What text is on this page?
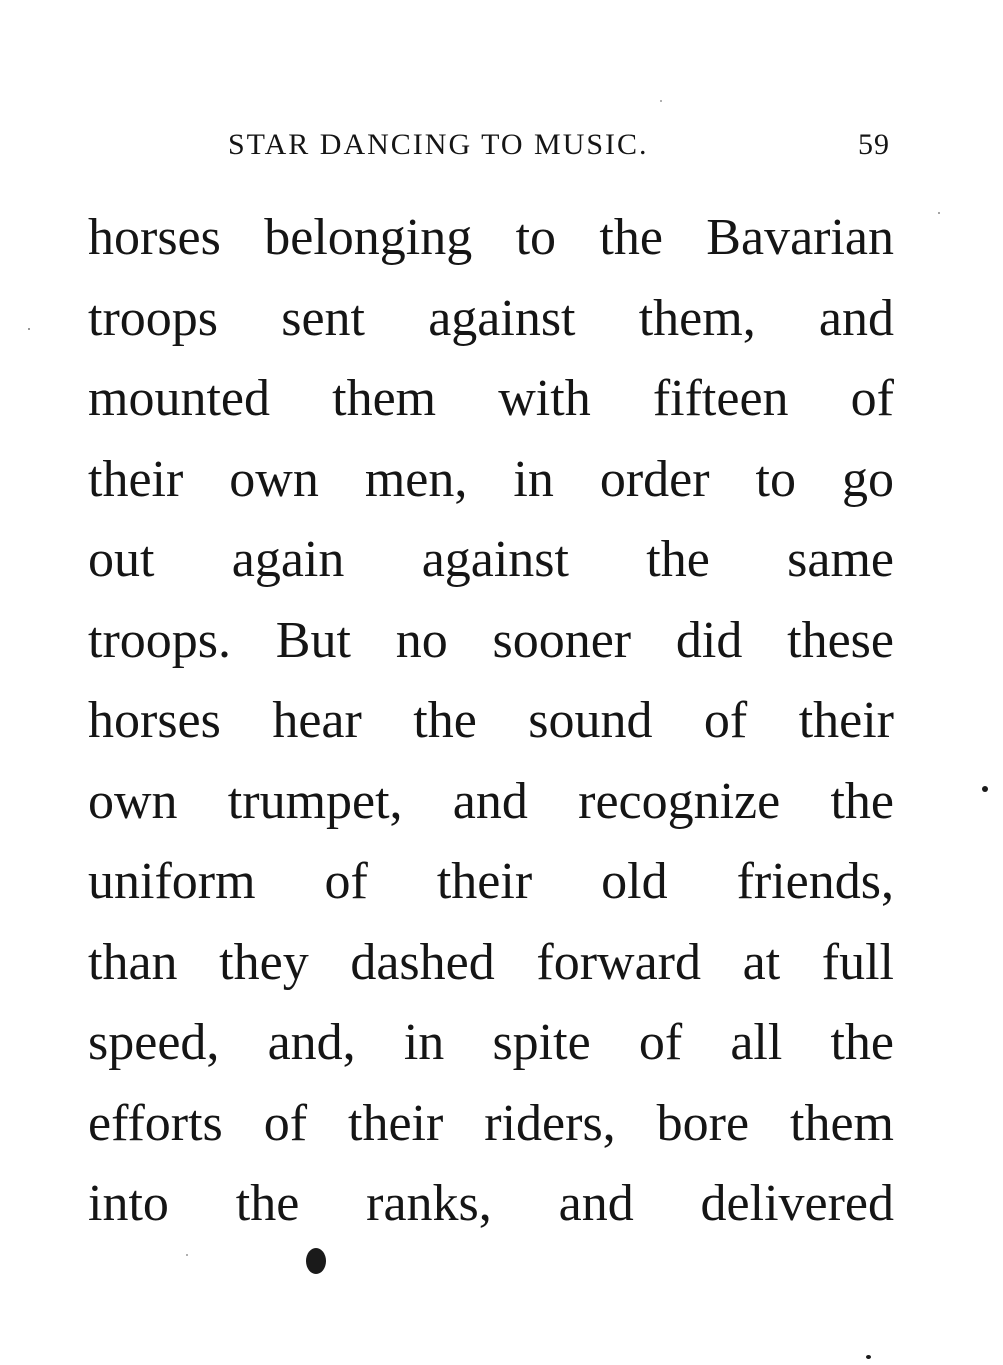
STAR DANCING TO MUSIC.	59
horses belonging to the Bavarian
troops sent against them, and
mounted them with fifteen of
their own men, in order to go
out again against the same
troops. But no sooner did these
horses hear the sound of their
own trumpet, and recognize the
uniform of their old friends,
than they dashed forward at full
speed, and, in spite of all the
efforts of their riders, bore them
into the ranks, and delivered
